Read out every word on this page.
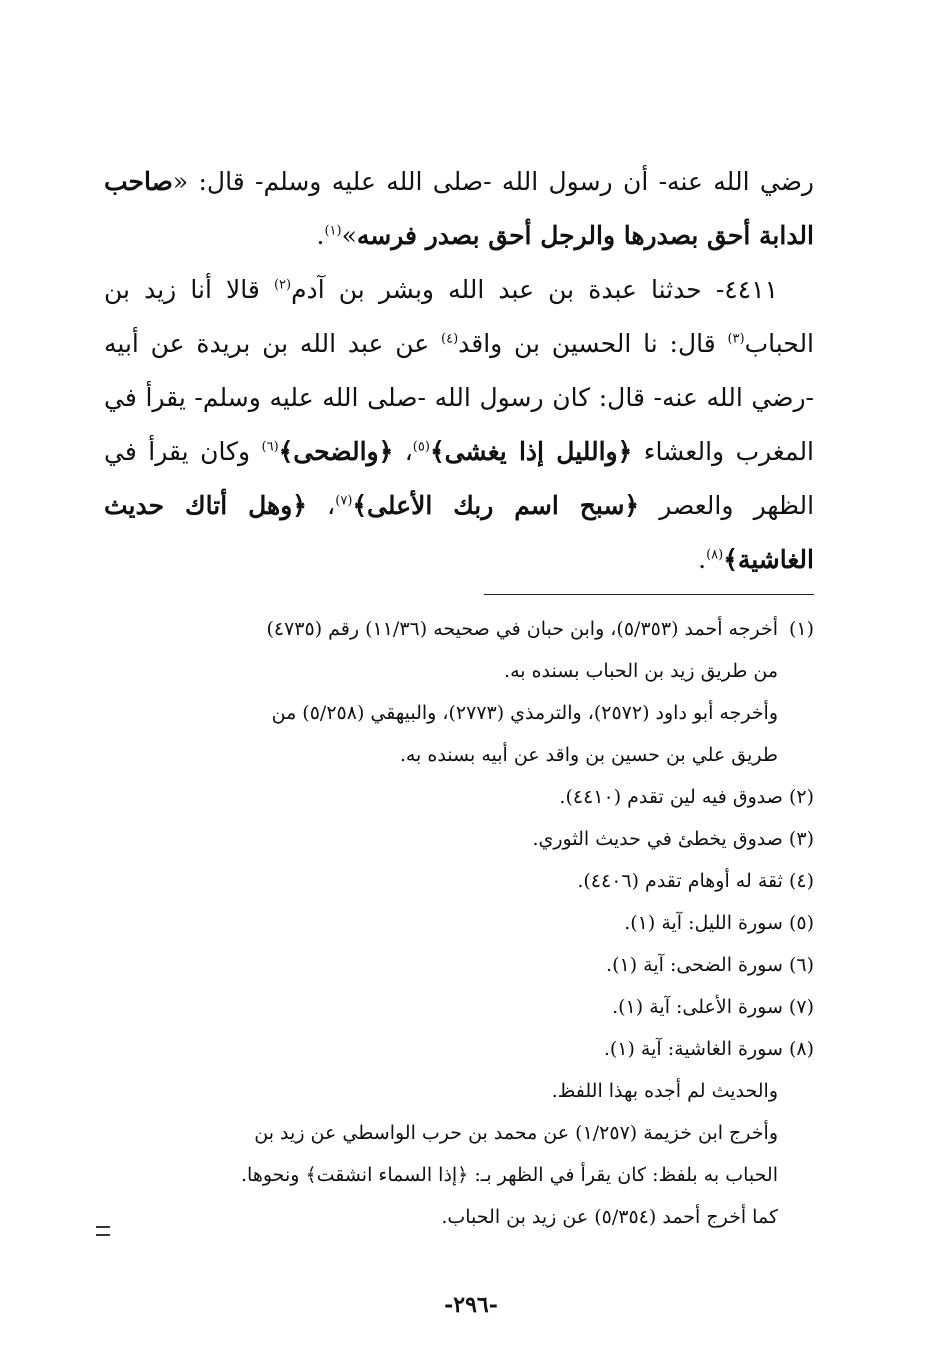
رضي الله عنه- أن رسول الله -صلى الله عليه وسلم- قال: «صاحب الدابة أحق بصدرها والرجل أحق بصدر فرسه»$^{(١)}$.

٤٤١١- حدثنا عبدة بن عبد الله وبشر بن آدم$^{(٢)}$ قالا أنا زيد بن الحباب$^{(٣)}$ قال: نا الحسين بن واقد$^{(٤)}$ عن عبد الله بن بريدة عن أبيه -رضي الله عنه- قال: كان رسول الله -صلى الله عليه وسلم- يقرأ في المغرب والعشاء ﴿والليل إذا يغشى﴾$^{(٥)}$، ﴿والضحى﴾$^{(٦)}$ وكان يقرأ في الظهر والعصر ﴿سبح اسم ربك الأعلى﴾$^{(٧)}$، ﴿وهل أتاك حديث الغاشية﴾$^{(٨)}$.

(١)
أخرجه أحمد (٥/٣٥٣)، وابن حبان في صحيحه (١١/٣٦) رقم (٤٧٣٥)
من طريق زيد بن الحباب بسنده به.
وأخرجه أبو داود (٢٥٧٢)، والترمذي (٢٧٧٣)، والبيهقي (٥/٢٥٨) من
طريق علي بن حسين بن واقد عن أبيه بسنده به.
(٢) صدوق فيه لين تقدم (٤٤١٠).
(٣) صدوق يخطئ في حديث الثوري.
(٤) ثقة له أوهام تقدم (٤٤٠٦).
(٥) سورة الليل: آية (١).
(٦) سورة الضحى: آية (١).
(٧) سورة الأعلى: آية (١).
(٨) سورة الغاشية: آية (١).
والحديث لم أجده بهذا اللفظ.
وأخرج ابن خزيمة (١/٢٥٧) عن محمد بن حرب الواسطي عن زيد بن
الحباب به بلفظ: كان يقرأ في الظهر بـ: ﴿إذا السماء انشقت﴾ ونحوها.
كما أخرج أحمد (٥/٣٥٤) عن زيد بن الحباب.
-٢٩٦-
